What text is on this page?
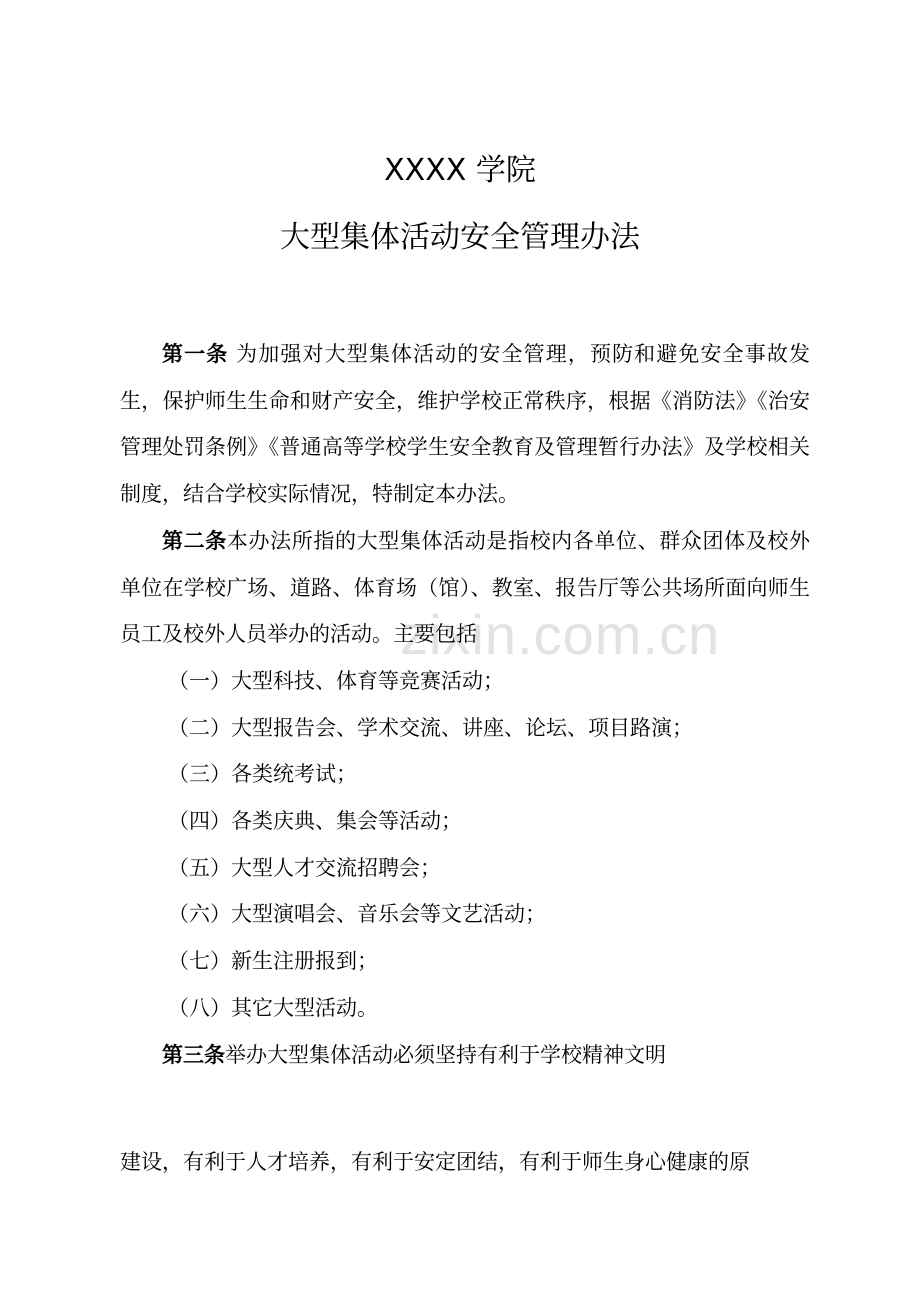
XXXX 学院
大型集体活动安全管理办法
zixin.com.cn

第一条 为加强对大型集体活动的安全管理，预防和避免安全事故发生，保护师生生命和财产安全，维护学校正常秩序，根据《消防法》《治安管理处罚条例》《普通高等学校学生安全教育及管理暂行办法》及学校相关制度，结合学校实际情况，特制定本办法。

第二条本办法所指的大型集体活动是指校内各单位、群众团体及校外单位在学校广场、道路、体育场（馆）、教室、报告厅等公共场所面向师生员工及校外人员举办的活动。主要包括

（一）大型科技、体育等竞赛活动；

（二）大型报告会、学术交流、讲座、论坛、项目路演；

（三）各类统考试；

（四）各类庆典、集会等活动；

（五）大型人才交流招聘会；

（六）大型演唱会、音乐会等文艺活动；

（七）新生注册报到；

（八）其它大型活动。

第三条举办大型集体活动必须坚持有利于学校精神文明

建设，有利于人才培养，有利于安定团结，有利于师生身心健康的原
